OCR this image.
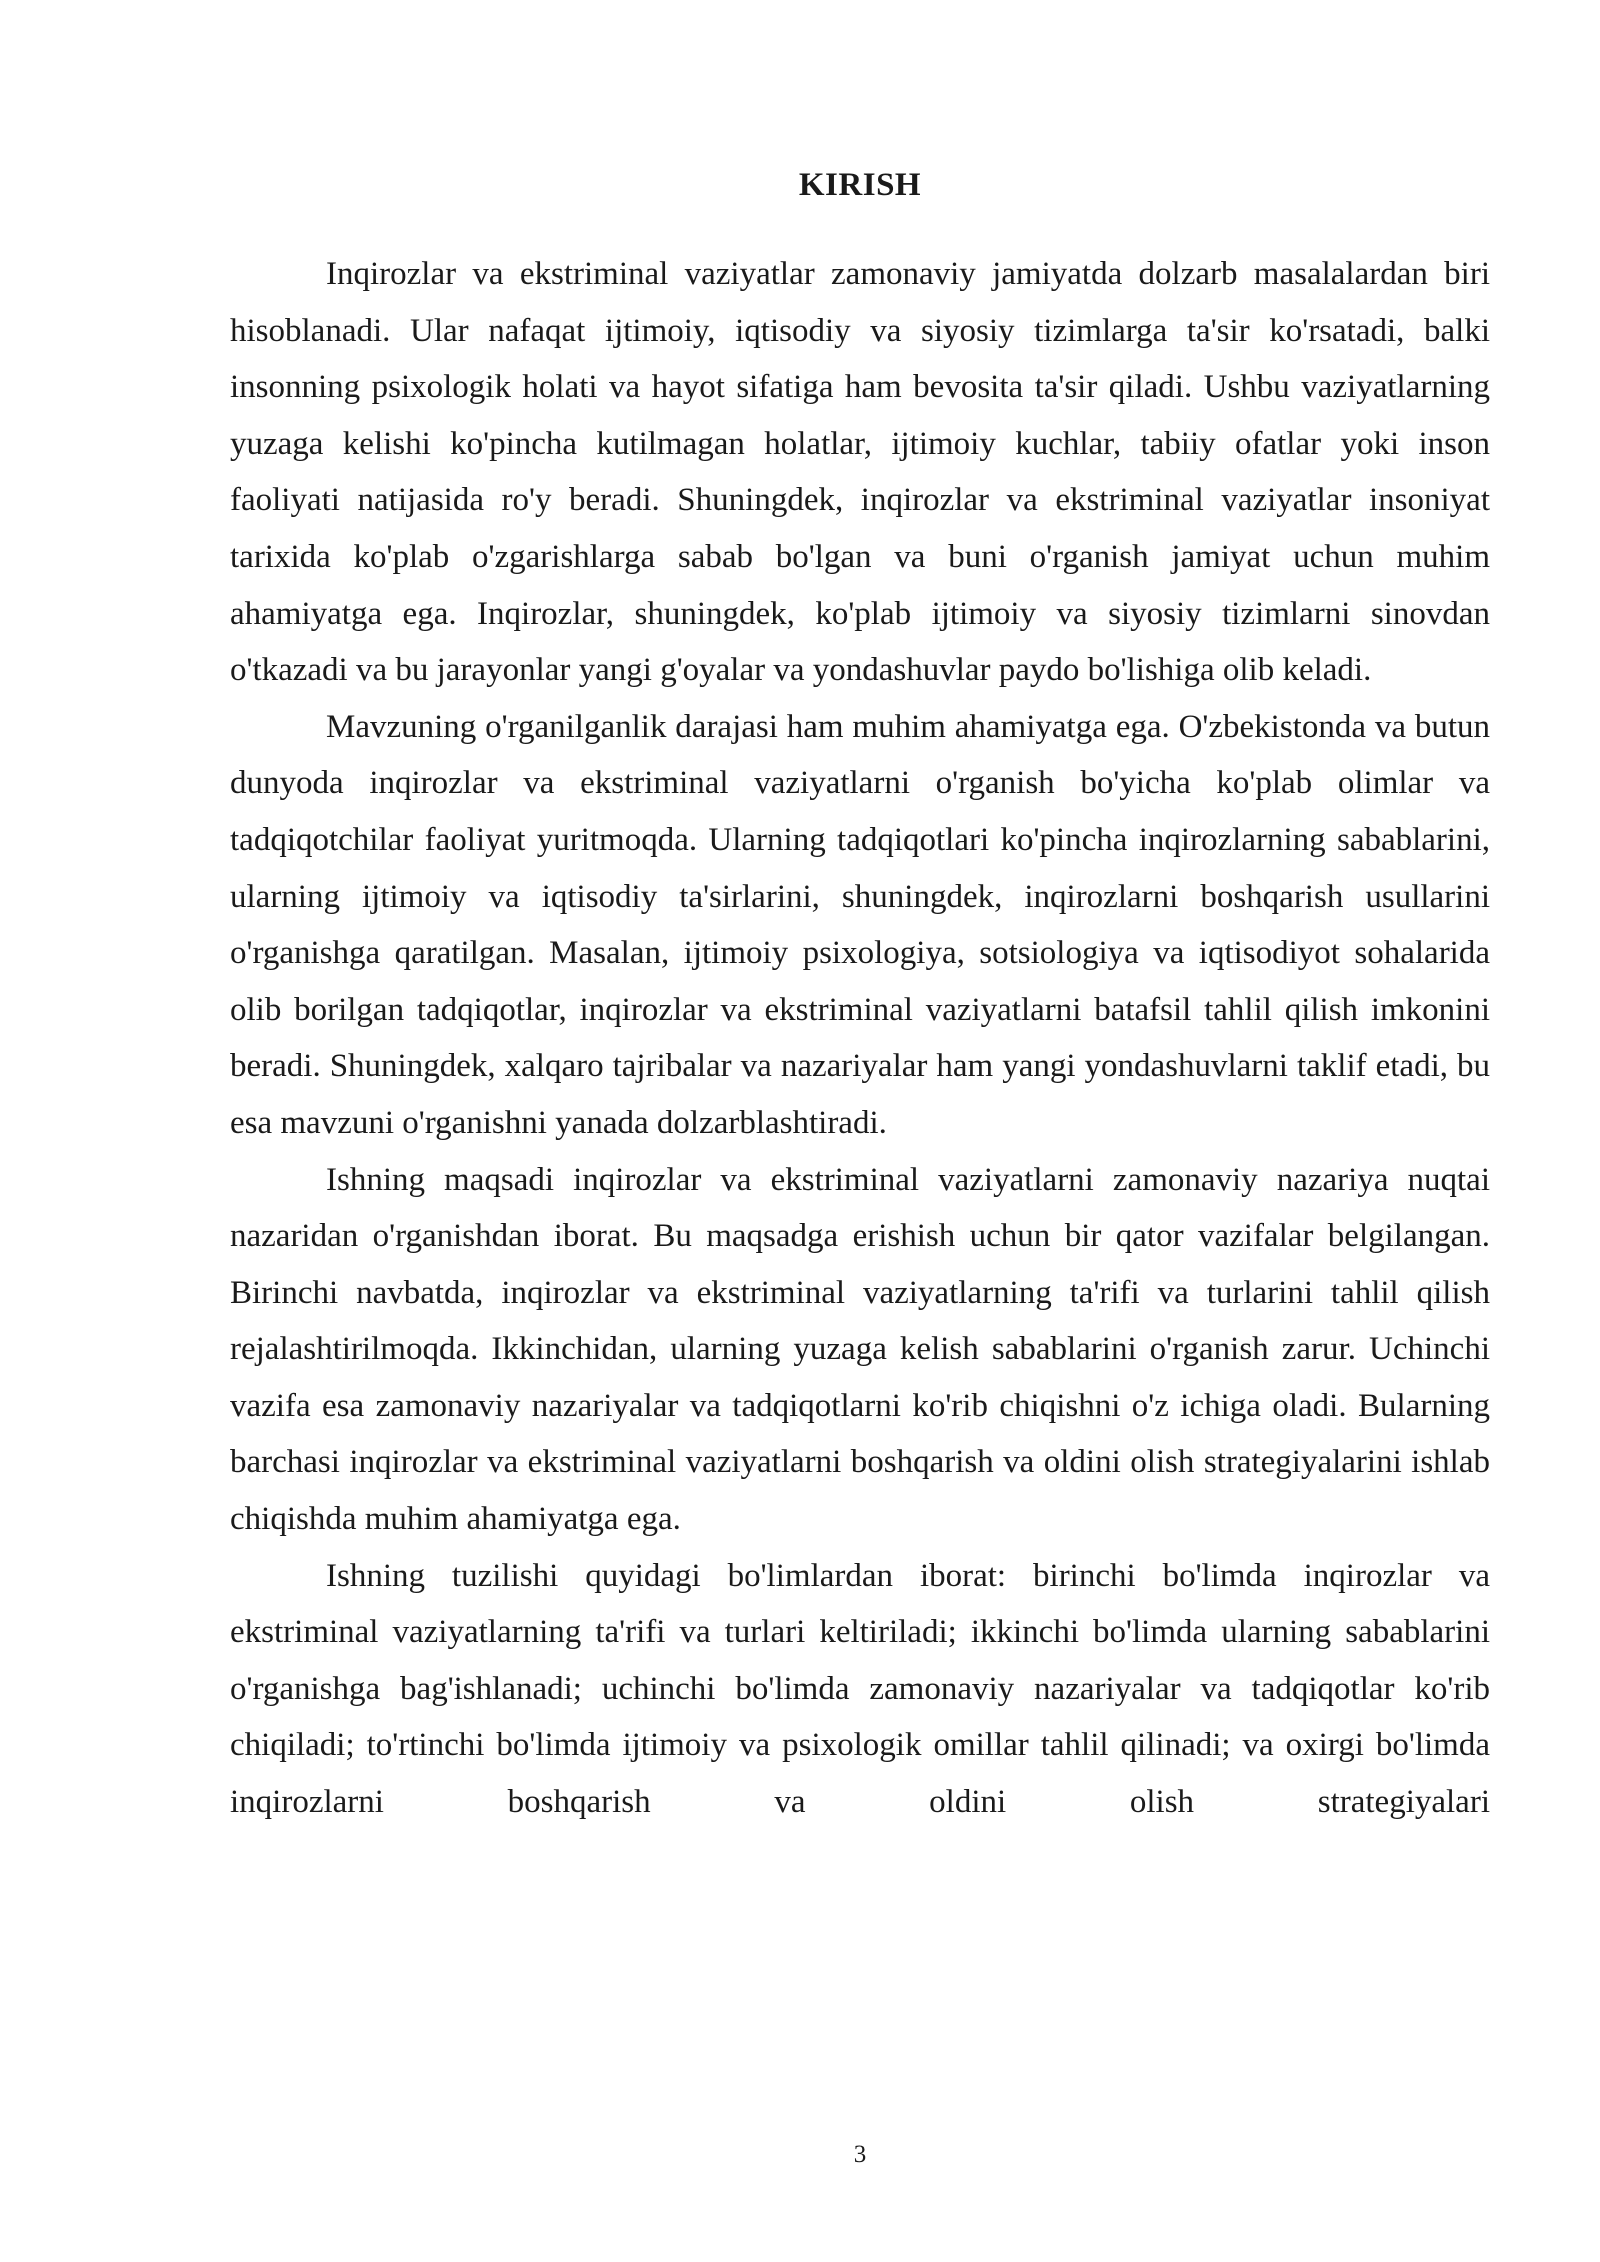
KIRISH

Inqirozlar va ekstriminal vaziyatlar zamonaviy jamiyatda dolzarb masalalardan biri hisoblanadi. Ular nafaqat ijtimoiy, iqtisodiy va siyosiy tizimlarga ta'sir ko'rsatadi, balki insonning psixologik holati va hayot sifatiga ham bevosita ta'sir qiladi. Ushbu vaziyatlarning yuzaga kelishi ko'pincha kutilmagan holatlar, ijtimoiy kuchlar, tabiiy ofatlar yoki inson faoliyati natijasida ro'y beradi. Shuningdek, inqirozlar va ekstriminal vaziyatlar insoniyat tarixida ko'plab o'zgarishlarga sabab bo'lgan va buni o'rganish jamiyat uchun muhim ahamiyatga ega. Inqirozlar, shuningdek, ko'plab ijtimoiy va siyosiy tizimlarni sinovdan o'tkazadi va bu jarayonlar yangi g'oyalar va yondashuvlar paydo bo'lishiga olib keladi.

Mavzuning o'rganilganlik darajasi ham muhim ahamiyatga ega. O'zbekistonda va butun dunyoda inqirozlar va ekstriminal vaziyatlarni o'rganish bo'yicha ko'plab olimlar va tadqiqotchilar faoliyat yuritmoqda. Ularning tadqiqotlari ko'pincha inqirozlarning sabablarini, ularning ijtimoiy va iqtisodiy ta'sirlarini, shuningdek, inqirozlarni boshqarish usullarini o'rganishga qaratilgan. Masalan, ijtimoiy psixologiya, sotsiologiya va iqtisodiyot sohalarida olib borilgan tadqiqotlar, inqirozlar va ekstriminal vaziyatlarni batafsil tahlil qilish imkonini beradi. Shuningdek, xalqaro tajribalar va nazariyalar ham yangi yondashuvlarni taklif etadi, bu esa mavzuni o'rganishni yanada dolzarblashtiradi.

Ishning maqsadi inqirozlar va ekstriminal vaziyatlarni zamonaviy nazariya nuqtai nazaridan o'rganishdan iborat. Bu maqsadga erishish uchun bir qator vazifalar belgilangan. Birinchi navbatda, inqirozlar va ekstriminal vaziyatlarning ta'rifi va turlarini tahlil qilish rejalashtirilmoqda. Ikkinchidan, ularning yuzaga kelish sabablarini o'rganish zarur. Uchinchi vazifa esa zamonaviy nazariyalar va tadqiqotlarni ko'rib chiqishni o'z ichiga oladi. Bularning barchasi inqirozlar va ekstriminal vaziyatlarni boshqarish va oldini olish strategiyalarini ishlab chiqishda muhim ahamiyatga ega.

Ishning tuzilishi quyidagi bo'limlardan iborat: birinchi bo'limda inqirozlar va ekstriminal vaziyatlarning ta'rifi va turlari keltiriladi; ikkinchi bo'limda ularning sabablarini o'rganishga bag'ishlanadi; uchinchi bo'limda zamonaviy nazariyalar va tadqiqotlar ko'rib chiqiladi; to'rtinchi bo'limda ijtimoiy va psixologik omillar tahlil qilinadi; va oxirgi bo'limda inqirozlarni boshqarish va oldini olish strategiyalari

3
